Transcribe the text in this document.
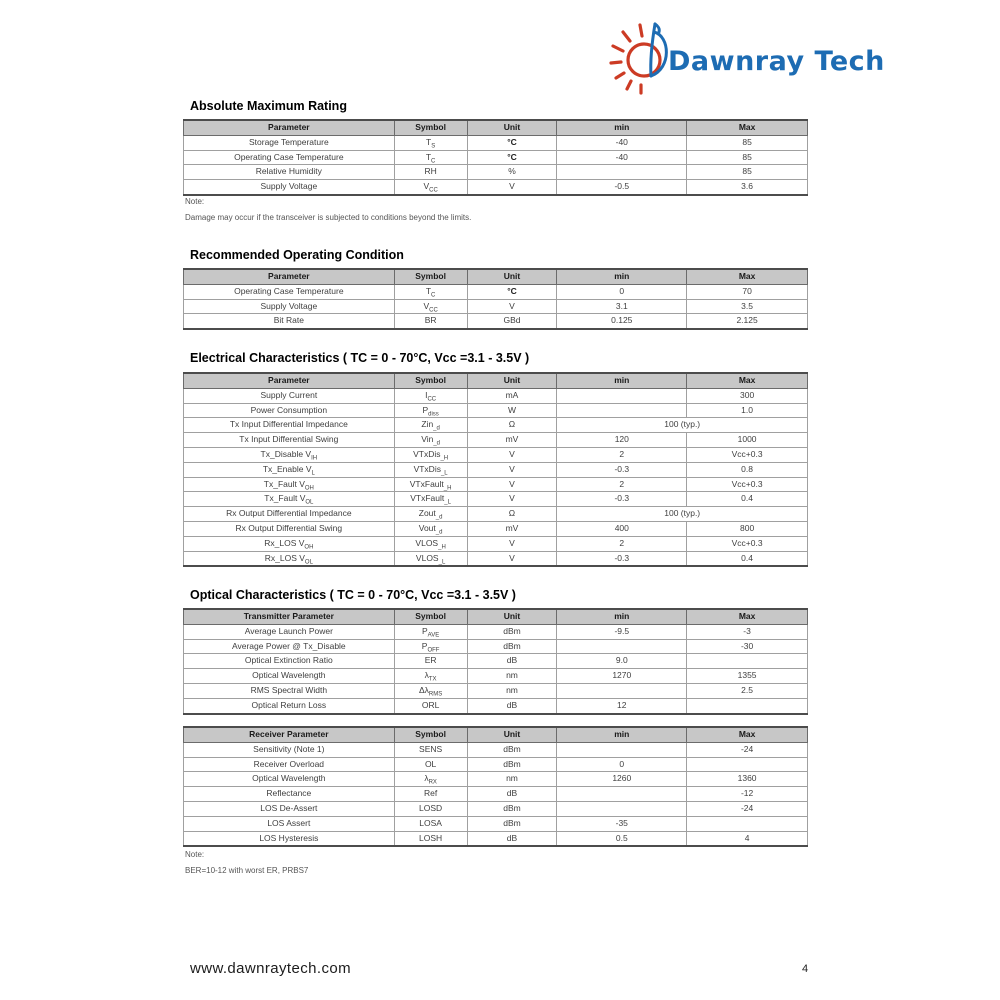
Dawnray Tech
Absolute Maximum Rating
Parameter	Symbol	Unit	min	Max
Storage Temperature	$T_S$	°C	-40	85
Operating Case Temperature	$T_C$	°C	-40	85
Relative Humidity	RH	%		85
Supply Voltage	$V_{CC}$	V	-0.5	3.6
Note:
Damage may occur if the transceiver is subjected to conditions beyond the limits.
Recommended Operating Condition
Parameter	Symbol	Unit	min	Max
Operating Case Temperature	$T_C$	°C	0	70
Supply Voltage	$V_{CC}$	V	3.1	3.5
Bit Rate	BR	GBd	0.125	2.125
Electrical Characteristics ( TC = 0 - 70°C, Vcc =3.1 - 3.5V )
Parameter	Symbol	Unit	min	Max
Supply Current	$I_{CC}$	mA		300
Power Consumption	$P_{diss}$	W		1.0
Tx Input Differential Impedance	Zin$_{\_d}$	Ω	100 (typ.)	
Tx Input Differential Swing	Vin$_{\_d}$	mV	120	1000
Tx_Disable $V_{IH}$	VTxDis$_{\_H}$	V	2	Vcc+0.3
Tx_Enable $V_L$	VTxDis$_{\_L}$	V	-0.3	0.8
Tx_Fault $V_{OH}$	VTxFault$_{\_H}$	V	2	Vcc+0.3
Tx_Fault $V_{OL}$	VTxFault$_{\_L}$	V	-0.3	0.4
Rx Output Differential Impedance	Zout$_{\_d}$	Ω	100 (typ.)	
Rx Output Differential Swing	Vout$_{\_d}$	mV	400	800
Rx_LOS $V_{OH}$	$VLOS_{\_H}$	V	2	Vcc+0.3
Rx_LOS $V_{OL}$	$VLOS_{\_L}$	V	-0.3	0.4
Optical Characteristics ( TC = 0 - 70°C, Vcc =3.1 - 3.5V )
Transmitter Parameter	Symbol	Unit	min	Max
Average Launch Power	$P_{AVE}$	dBm	-9.5	-3
Average Power @ Tx_Disable	$P_{OFF}$	dBm		-30
Optical Extinction Ratio	ER	dB	9.0	
Optical Wavelength	$\lambda_{TX}$	nm	1270	1355
RMS Spectral Width	$\Delta\lambda_{RMS}$	nm		2.5
Optical Return Loss	ORL	dB	12	
Receiver Parameter	Symbol	Unit	min	Max
Sensitivity (Note 1)	SENS	dBm		-24
Receiver Overload	OL	dBm	0	
Optical Wavelength	$\lambda_{RX}$	nm	1260	1360
Reflectance	Ref	dB		-12
LOS De-Assert	LOSD	dBm		-24
LOS Assert	LOSA	dBm	-35	
LOS Hysteresis	LOSH	dB	0.5	4
Note:
BER=10-12 with worst ER, PRBS7
www.dawnraytech.com	4
